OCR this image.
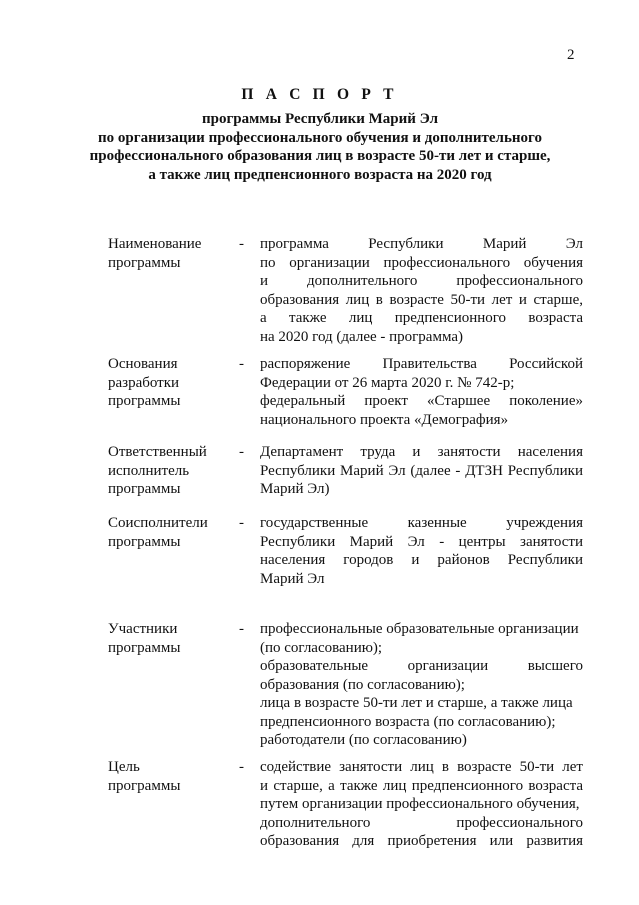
2
П А С П О Р Т
программы Республики Марий Эл
по организации профессионального обучения и дополнительного
профессионального образования лиц в возрасте 50-ти лет и старше,
а также лиц предпенсионного возраста на 2020 год
Наименование
программы
-	программа Республики Марий Эл
по организации профессионального обучения
и дополнительного профессионального
образования лиц в возрасте 50-ти лет и старше,
а также лиц предпенсионного возраста
на 2020 год (далее - программа)
Основания
разработки
программы
-	распоряжение Правительства Российской
Федерации от 26 марта 2020 г. № 742-р;
федеральный проект «Старшее поколение»
национального проекта «Демография»
Ответственный
исполнитель
программы
-	Департамент труда и занятости населения
Республики Марий Эл (далее - ДТЗН Республики
Марий Эл)
Соисполнители
программы
-	государственные казенные учреждения
Республики Марий Эл - центры занятости
населения городов и районов Республики
Марий Эл
Участники
программы
-	профессиональные образовательные организации
(по согласованию);
образовательные организации высшего
образования (по согласованию);
лица в возрасте 50-ти лет и старше, а также лица
предпенсионного возраста (по согласованию);
работодатели (по согласованию)
Цель
программы
-	содействие занятости лиц в возрасте 50-ти лет
и старше, а также лиц предпенсионного возраста
путем организации профессионального обучения,
дополнительного профессионального
образования для приобретения или развития
